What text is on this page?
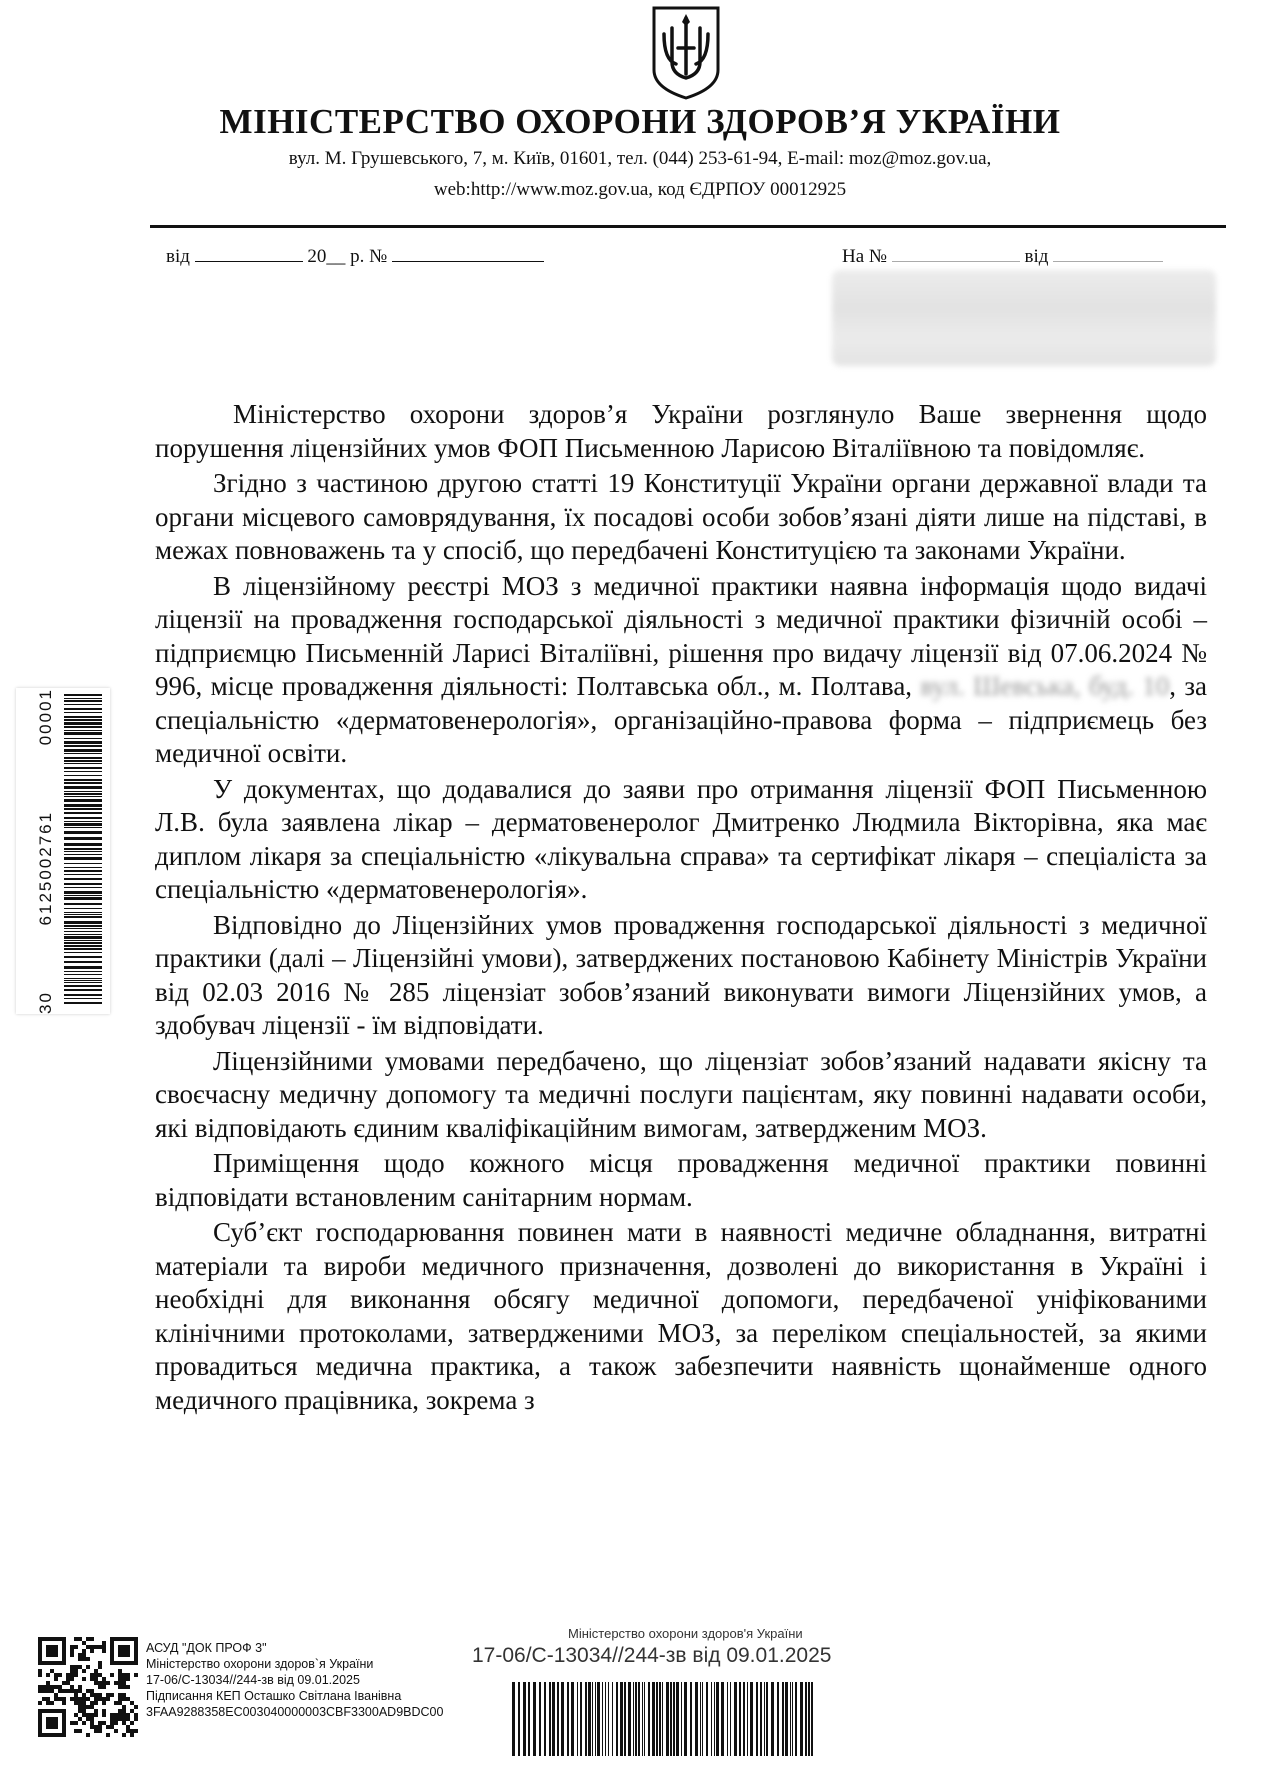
МІНІСТЕРСТВО ОХОРОНИ ЗДОРОВ’Я УКРАЇНИ
вул. М. Грушевського, 7, м. Київ, 01601, тел. (044) 253-61-94, E-mail: moz@moz.gov.ua,
web:http://www.moz.gov.ua, код ЄДРПОУ 00012925
від	20__ р. №	На №	від

Міністерство охорони здоров’я України розглянуло Ваше звернення щодо порушення ліцензійних умов ФОП Письменною Ларисою Віталіївною та повідомляє.

Згідно з частиною другою статті 19 Конституції України органи державної влади та органи місцевого самоврядування, їх посадові особи зобов’язані діяти лише на підставі, в межах повноважень та у спосіб, що передбачені Конституцією та законами України.

В ліцензійному реєстрі МОЗ з медичної практики наявна інформація щодо видачі ліцензії на провадження господарської діяльності з медичної практики фізичній особі – підприємцю Письменній Ларисі Віталіївні, рішення про видачу ліцензії від 07.06.2024 № 996, місце провадження діяльності: Полтавська обл., м. Полтава, вул. Шевська, буд. 10, за спеціальністю «дерматовенерологія», організаційно-правова форма – підприємець без медичної освіти.

У документах, що додавалися до заяви про отримання ліцензії ФОП Письменною Л.В. була заявлена лікар – дерматовенеролог Дмитренко Людмила Вікторівна, яка має диплом лікаря за спеціальністю «лікувальна справа» та сертифікат лікаря – спеціаліста за спеціальністю «дерматовенерологія».

Відповідно до Ліцензійних умов провадження господарської діяльності з медичної практики (далі – Ліцензійні умови), затверджених постановою Кабінету Міністрів України від 02.03 2016 № 285 ліцензіат зобов’язаний виконувати вимоги Ліцензійних умов, а здобувач ліцензії - їм відповідати.

Ліцензійними умовами передбачено, що ліцензіат зобов’язаний надавати якісну та своєчасну медичну допомогу та медичні послуги пацієнтам, яку повинні надавати особи, які відповідають єдиним кваліфікаційним вимогам, затвердженим МОЗ.

Приміщення щодо кожного місця провадження медичної практики повинні відповідати встановленим санітарним нормам.

Суб’єкт господарювання повинен мати в наявності медичне обладнання, витратні матеріали та вироби медичного призначення, дозволені до використання в Україні і необхідні для виконання обсягу медичної допомоги, передбаченої уніфікованими клінічними протоколами, затвердженими МОЗ, за переліком спеціальностей, за якими провадиться медична практика, а також забезпечити наявність щонайменше одного медичного працівника, зокрема з

30
6125002761
00001
АСУД "ДОК ПРОФ 3"
Міністерство охорони здоров`я України
17-06/С-13034//244-зв від 09.01.2025
Підписання КЕП Осташко Світлана Іванівна
3FAA9288358EC003040000003CBF3300AD9BDC00
Міністерство охорони здоров'я України
17-06/С-13034//244-зв від 09.01.2025
